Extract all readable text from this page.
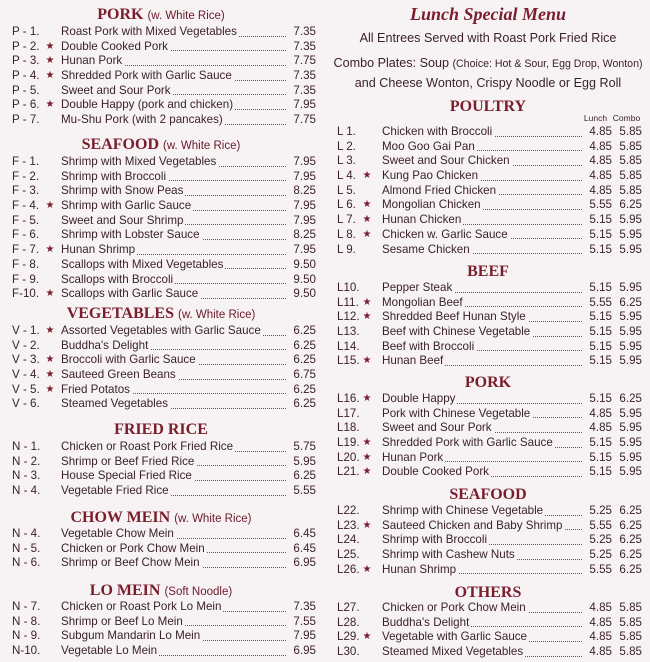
PORK (w. White Rice)
P - 1.	Roast Pork with Mixed Vegetables	7.35
P - 2. ★ Double Cooked Pork	7.35
P - 3. ★ Hunan Pork	7.75
P - 4. ★ Shredded Pork with Garlic Sauce	7.35
P - 5.	Sweet and Sour Pork	7.35
P - 6. ★ Double Happy (pork and chicken)	7.95
P - 7.	Mu-Shu Pork (with 2 pancakes)	7.75
SEAFOOD (w. White Rice)
F - 1.	Shrimp with Mixed Vegetables	7.95
F - 2.	Shrimp with Broccoli	7.95
F - 3.	Shrimp with Snow Peas	8.25
F - 4. ★ Shrimp with Garlic Sauce	7.95
F - 5.	Sweet and Sour Shrimp	7.95
F - 6.	Shrimp with Lobster Sauce	8.25
F - 7. ★ Hunan Shrimp	7.95
F - 8.	Scallops with Mixed Vegetables	9.50
F - 9.	Scallops with Broccoli	9.50
F-10. ★ Scallops with Garlic Sauce	9.50
VEGETABLES (w. White Rice)
V - 1. ★ Assorted Vegetables with Garlic Sauce	6.25
V - 2.	Buddha's Delight	6.25
V - 3. ★ Broccoli with Garlic Sauce	6.25
V - 4. ★ Sauteed Green Beans	6.75
V - 5. ★ Fried Potatos	6.25
V - 6.	Steamed Vegetables	6.25
FRIED RICE
N - 1.	Chicken or Roast Pork Fried Rice	5.75
N - 2.	Shrimp or Beef Fried Rice	5.95
N - 3.	House Special Fried Rice	6.25
N - 4.	Vegetable Fried Rice	5.55
CHOW MEIN (w. White Rice)
N - 4.	Vegetable Chow Mein	6.45
N - 5.	Chicken or Pork Chow Mein	6.45
N - 6.	Shrimp or Beef Chow Mein	6.95
LO MEIN (Soft Noodle)
N - 7.	Chicken or Roast Pork Lo Mein	7.35
N - 8.	Shrimp or Beef Lo Mein	7.55
N - 9.	Subgum Mandarin Lo Mein	7.95
N-10.	Vegetable Lo Mein	6.95
Lunch Special Menu
All Entrees Served with Roast Pork Fried Rice
Combo Plates: Soup (Choice: Hot & Sour, Egg Drop, Wonton)
and Cheese Wonton, Crispy Noodle or Egg Roll
Lunch Combo
POULTRY
L 1.	Chicken with Broccoli	4.85 5.85
L 2.	Moo Goo Gai Pan	4.85 5.85
L 3.	Sweet and Sour Chicken	4.85 5.85
L 4. ★ Kung Pao Chicken	4.85 5.85
L 5.	Almond Fried Chicken	4.85 5.85
L 6. ★ Mongolian Chicken	5.55 6.25
L 7. ★ Hunan Chicken	5.15 5.95
L 8. ★ Chicken w. Garlic Sauce	5.15 5.95
L 9.	Sesame Chicken	5.15 5.95
BEEF
L10.	Pepper Steak	5.15 5.95
L11. ★ Mongolian Beef	5.55 6.25
L12. ★ Shredded Beef Hunan Style	5.15 5.95
L13.	Beef with Chinese Vegetable	5.15 5.95
L14.	Beef with Broccoli	5.15 5.95
L15. ★ Hunan Beef	5.15 5.95
PORK
L16. ★ Double Happy	5.15 6.25
L17.	Pork with Chinese Vegetable	4.85 5.95
L18.	Sweet and Sour Pork	4.85 5.95
L19. ★ Shredded Pork with Garlic Sauce	5.15 5.95
L20. ★ Hunan Pork	5.15 5.95
L21. ★ Double Cooked Pork	5.15 5.95
SEAFOOD
L22.	Shrimp with Chinese Vegetable	5.25 6.25
L23. ★ Sauteed Chicken and Baby Shrimp	5.55 6.25
L24.	Shrimp with Broccoli	5.25 6.25
L25.	Shrimp with Cashew Nuts	5.25 6.25
L26. ★ Hunan Shrimp	5.55 6.25
OTHERS
L27.	Chicken or Pork Chow Mein	4.85 5.85
L28.	Buddha's Delight	4.85 5.85
L29. ★ Vegetable with Garlic Sauce	4.85 5.85
L30.	Steamed Mixed Vegetables	4.85 5.85
